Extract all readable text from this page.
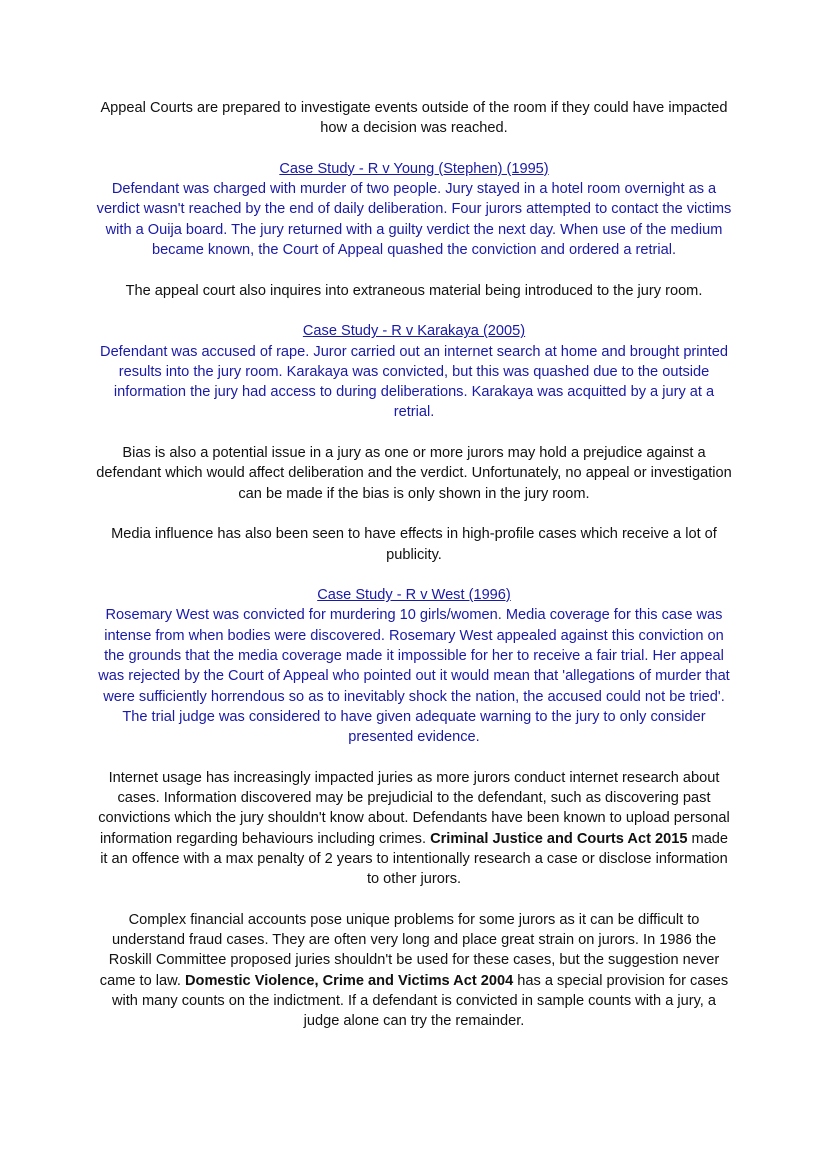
Appeal Courts are prepared to investigate events outside of the room if they could have impacted how a decision was reached.

Case Study - R v Young (Stephen) (1995)

Defendant was charged with murder of two people. Jury stayed in a hotel room overnight as a verdict wasn't reached by the end of daily deliberation. Four jurors attempted to contact the victims with a Ouija board. The jury returned with a guilty verdict the next day. When use of the medium became known, the Court of Appeal quashed the conviction and ordered a retrial.

The appeal court also inquires into extraneous material being introduced to the jury room.

Case Study - R v Karakaya (2005)

Defendant was accused of rape. Juror carried out an internet search at home and brought printed results into the jury room. Karakaya was convicted, but this was quashed due to the outside information the jury had access to during deliberations. Karakaya was acquitted by a jury at a retrial.

Bias is also a potential issue in a jury as one or more jurors may hold a prejudice against a defendant which would affect deliberation and the verdict. Unfortunately, no appeal or investigation can be made if the bias is only shown in the jury room.

Media influence has also been seen to have effects in high-profile cases which receive a lot of publicity.

Case Study - R v West (1996)

Rosemary West was convicted for murdering 10 girls/women. Media coverage for this case was intense from when bodies were discovered. Rosemary West appealed against this conviction on the grounds that the media coverage made it impossible for her to receive a fair trial. Her appeal was rejected by the Court of Appeal who pointed out it would mean that 'allegations of murder that were sufficiently horrendous so as to inevitably shock the nation, the accused could not be tried'. The trial judge was considered to have given adequate warning to the jury to only consider presented evidence.

Internet usage has increasingly impacted juries as more jurors conduct internet research about cases. Information discovered may be prejudicial to the defendant, such as discovering past convictions which the jury shouldn't know about. Defendants have been known to upload personal information regarding behaviours including crimes. Criminal Justice and Courts Act 2015 made it an offence with a max penalty of 2 years to intentionally research a case or disclose information to other jurors.

Complex financial accounts pose unique problems for some jurors as it can be difficult to understand fraud cases. They are often very long and place great strain on jurors. In 1986 the Roskill Committee proposed juries shouldn't be used for these cases, but the suggestion never came to law. Domestic Violence, Crime and Victims Act 2004 has a special provision for cases with many counts on the indictment. If a defendant is convicted in sample counts with a jury, a judge alone can try the remainder.
